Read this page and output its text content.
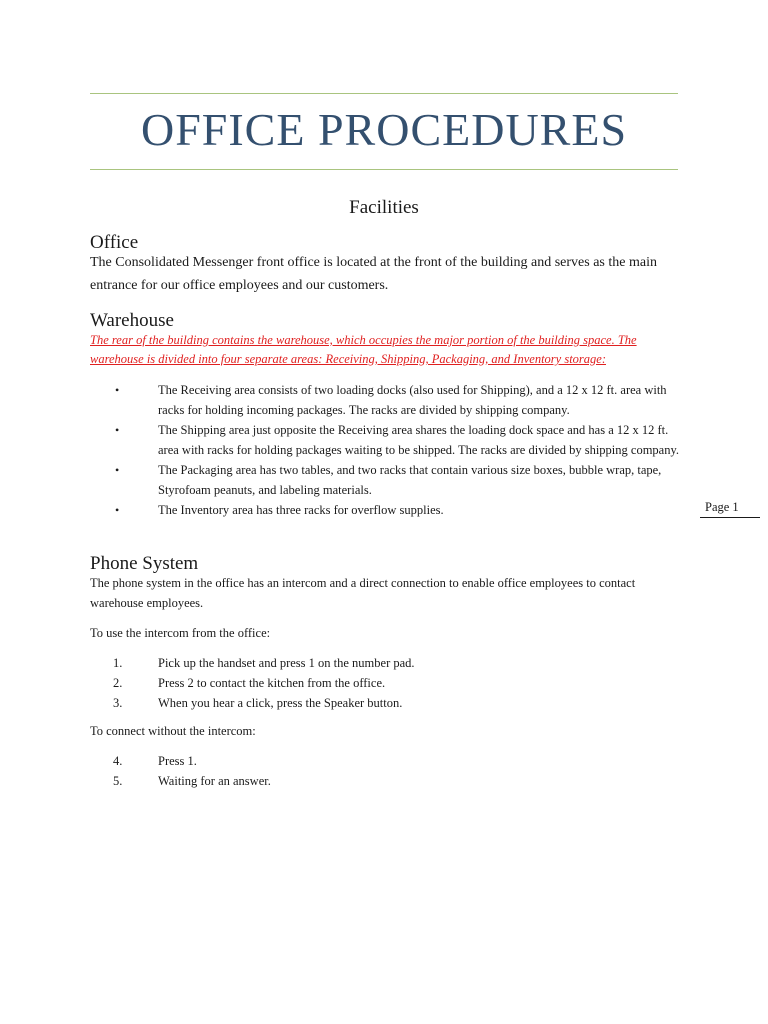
OFFICE PROCEDURES
Facilities
Office
The Consolidated Messenger front office is located at the front of the building and serves as the main entrance for our office employees and our customers.
Warehouse
The rear of the building contains the warehouse, which occupies the major portion of the building space. The warehouse is divided into four separate areas: Receiving, Shipping, Packaging, and Inventory storage:
•	The Receiving area consists of two loading docks (also used for Shipping), and a 12 x 12 ft. area with racks for holding incoming packages. The racks are divided by shipping company.
•	The Shipping area just opposite the Receiving area shares the loading dock space and has a 12 x 12 ft. area with racks for holding packages waiting to be shipped. The racks are divided by shipping company.
•	The Packaging area has two tables, and two racks that contain various size boxes, bubble wrap, tape, Styrofoam peanuts, and labeling materials.
•	The Inventory area has three racks for overflow supplies.
Phone System
The phone system in the office has an intercom and a direct connection to enable office employees to contact warehouse employees.
To use the intercom from the office:
1.	Pick up the handset and press 1 on the number pad.
2.	Press 2 to contact the kitchen from the office.
3.	When you hear a click, press the Speaker button.
To connect without the intercom:
4.	Press 1.
5.	Waiting for an answer.
Page 1
